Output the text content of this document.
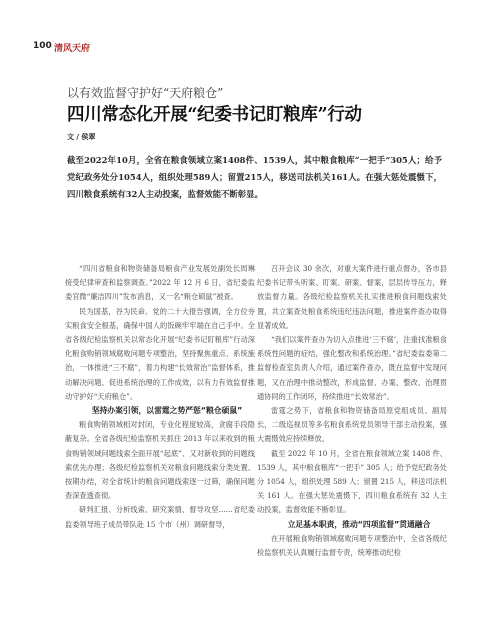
100 清风天府
以有效监督守护好“天府粮仓”
四川常态化开展“纪委书记盯粮库”行动
文 / 侯翠
截至2022年10月，全省在粮食领域立案1408件、1539人，其中粮食粮库“一把手”305人；给予党纪政务处分1054人，组织处理589人；留置215人，移送司法机关161人。在强大惩处震慑下，四川粮食系统有32人主动投案，监督效能不断彰显。

“四川省粮食和物资储备局粮食产业发展处副处长周琳接受纪律审查和监察调查。”2022 年 12 月 6 日，省纪委监委官微“廉洁四川”发布消息，又一名“粮仓硕鼠”被查。

民为国基，谷为民命。党的二十大报告强调，全方位夯实粮食安全根基，确保中国人的饭碗牢牢端在自己手中。全省各级纪检监察机关以常态化开展“纪委书记盯粮库”行动深化粮食购销领域腐败问题专项整治，坚持聚焦重点、系统施治，一体推进“三不腐”，着力构建“长效常治”监督体系，推动解决问题、促进系统治理的工作成效，以有力有效监督推动守护好“天府粮仓”。

坚持办案引领，以雷霆之势严惩“粮仓硕鼠”

粮食购销领域相对封闭，专业化程度较高，贪腐手段隐蔽复杂。全省各级纪检监察机关抓住 2013 年以来收到的粮食购销领域问题线索全面开展“起底”、又对新收到的问题线索优先办理；各级纪检监察机关对粮食问题线索分类处置、按期办结，对全省统计的粮食问题线索逐一过筛，确保问题查深查透查彻。

研判汇报、分析线索、研究案情、督导攻坚……省纪委监委领导班子成员带队赴 15 个市（州）调研督导，

召开会议 30 余次，对重大案件进行重点督办，各市县纪委书记带头听案、盯案、研案、督案，层层传导压力，释放监督力量。各级纪检监察机关扎实推进粮食问题线索处置，共立案查处粮食系统违纪违法问题，推进案件查办取得显著成效。

“我们以案件查办为切入点推进‘三不腐’，注重找准粮食系统性问题的症结，强化整改和系统治理。”省纪委监委第二监督检查室负责人介绍，通过案件查办，既在监督中发现问题，又在治理中推动整改，形成监督、办案、整改、治理贯通协同的工作闭环，持续推进“长效常治”。

雷霆之势下，省粮食和物资储备局原党组成员、副局长，二级巡视员等多名粮食系统党员领导干部主动投案，强大震慑效应持续释放。

截至 2022 年 10 月，全省在粮食领域立案 1408 件、1539 人，其中粮食粮库“一把手” 305 人；给予党纪政务处分 1054 人，组织处理 589 人；留置 215 人，移送司法机关 161 人。在强大惩处震慑下，四川粮食系统有 32 人主动投案，监督效能不断彰显。

立足基本职责，推动“四项监督”贯通融合

在开展粮食购销领域腐败问题专项整治中，全省各级纪检监察机关认真履行监督专责，统筹推动纪检
